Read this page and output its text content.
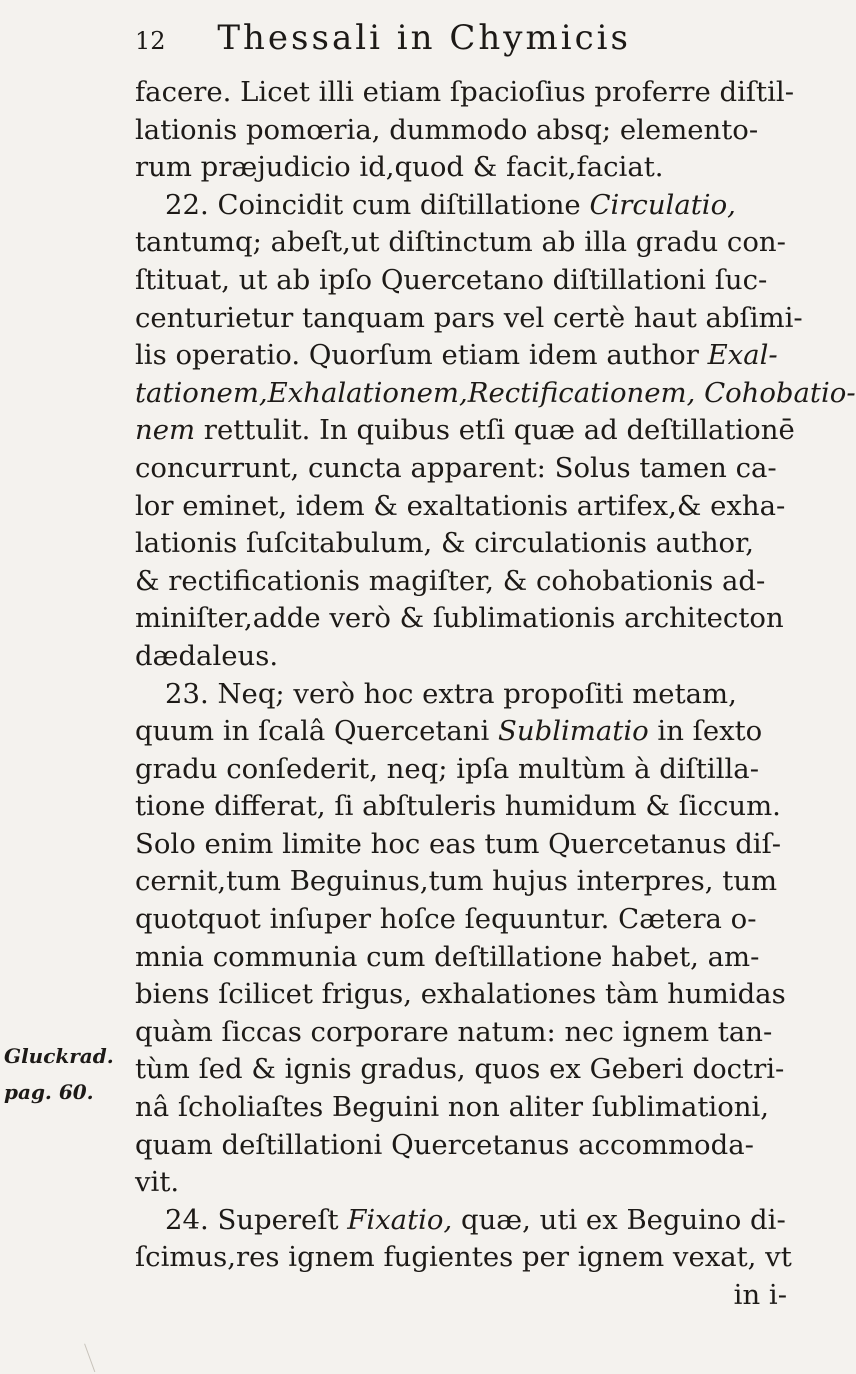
12 Thessali in Chymicis
Gluckrad.
pag. 60.
facere. Licet illi etiam ſpacioſius proferre diſtil-
lationis pomœria, dummodo absq; elemento-
rum præjudicio id,quod & facit,faciat.
22. Coincidit cum diſtillatione Circulatio,
tantumq; abeſt,ut diſtinctum ab illa gradu con-
ſtituat, ut ab ipſo Quercetano diſtillationi ſuc-
centurietur tanquam pars vel certè haut abſimi-
lis operatio. Quorſum etiam idem author Exal-
tationem,Exhalationem,Rectificationem, Cohobatio-
nem rettulit. In quibus etſi quæ ad deſtillationē
concurrunt, cuncta apparent: Solus tamen ca-
lor eminet, idem & exaltationis artifex,& exha-
lationis ſuſcitabulum, & circulationis author,
& rectificationis magiſter, & cohobationis ad-
miniſter,adde verò & ſublimationis architecton
dædaleus.
23. Neq; verò hoc extra propoſiti metam,
quum in ſcalâ Quercetani Sublimatio in ſexto
gradu conſederit, neq; ipſa multùm à diſtilla-
tione differat, ſi abſtuleris humidum & ſiccum.
Solo enim limite hoc eas tum Quercetanus diſ-
cernit,tum Beguinus,tum hujus interpres, tum
quotquot inſuper hoſce ſequuntur. Cætera o-
mnia communia cum deſtillatione habet, am-
biens ſcilicet frigus, exhalationes tàm humidas
quàm ſiccas corporare natum: nec ignem tan-
tùm ſed & ignis gradus, quos ex Geberi doctri-
nâ ſcholiaſtes Beguini non aliter ſublimationi,
quam deſtillationi Quercetanus accommoda-
vit.
24. Supereſt Fixatio, quæ, uti ex Beguino di-
ſcimus,res ignem fugientes per ignem vexat, vt
in i-
